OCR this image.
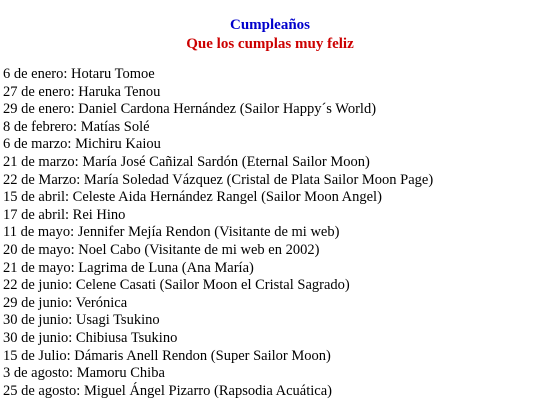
Cumpleaños
Que los cumplas muy feliz
6 de enero: Hotaru Tomoe
27 de enero: Haruka Tenou
29 de enero: Daniel Cardona Hernández (Sailor Happy´s World)
8 de febrero: Matías Solé
6 de marzo: Michiru Kaiou
21 de marzo: María José Cañizal Sardón (Eternal Sailor Moon)
22 de Marzo: María Soledad Vázquez (Cristal de Plata Sailor Moon Page)
15 de abril: Celeste Aida Hernández Rangel (Sailor Moon Angel)
17 de abril: Rei Hino
11 de mayo: Jennifer Mejía Rendon (Visitante de mi web)
20 de mayo: Noel Cabo (Visitante de mi web en 2002)
21 de mayo: Lagrima de Luna (Ana María)
22 de junio: Celene Casati (Sailor Moon el Cristal Sagrado)
29 de junio: Verónica
30 de junio: Usagi Tsukino
30 de junio: Chibiusa Tsukino
15 de Julio: Dámaris Anell Rendon (Super Sailor Moon)
3 de agosto: Mamoru Chiba
25 de agosto: Miguel Ángel Pizarro (Rapsodia Acuática)
